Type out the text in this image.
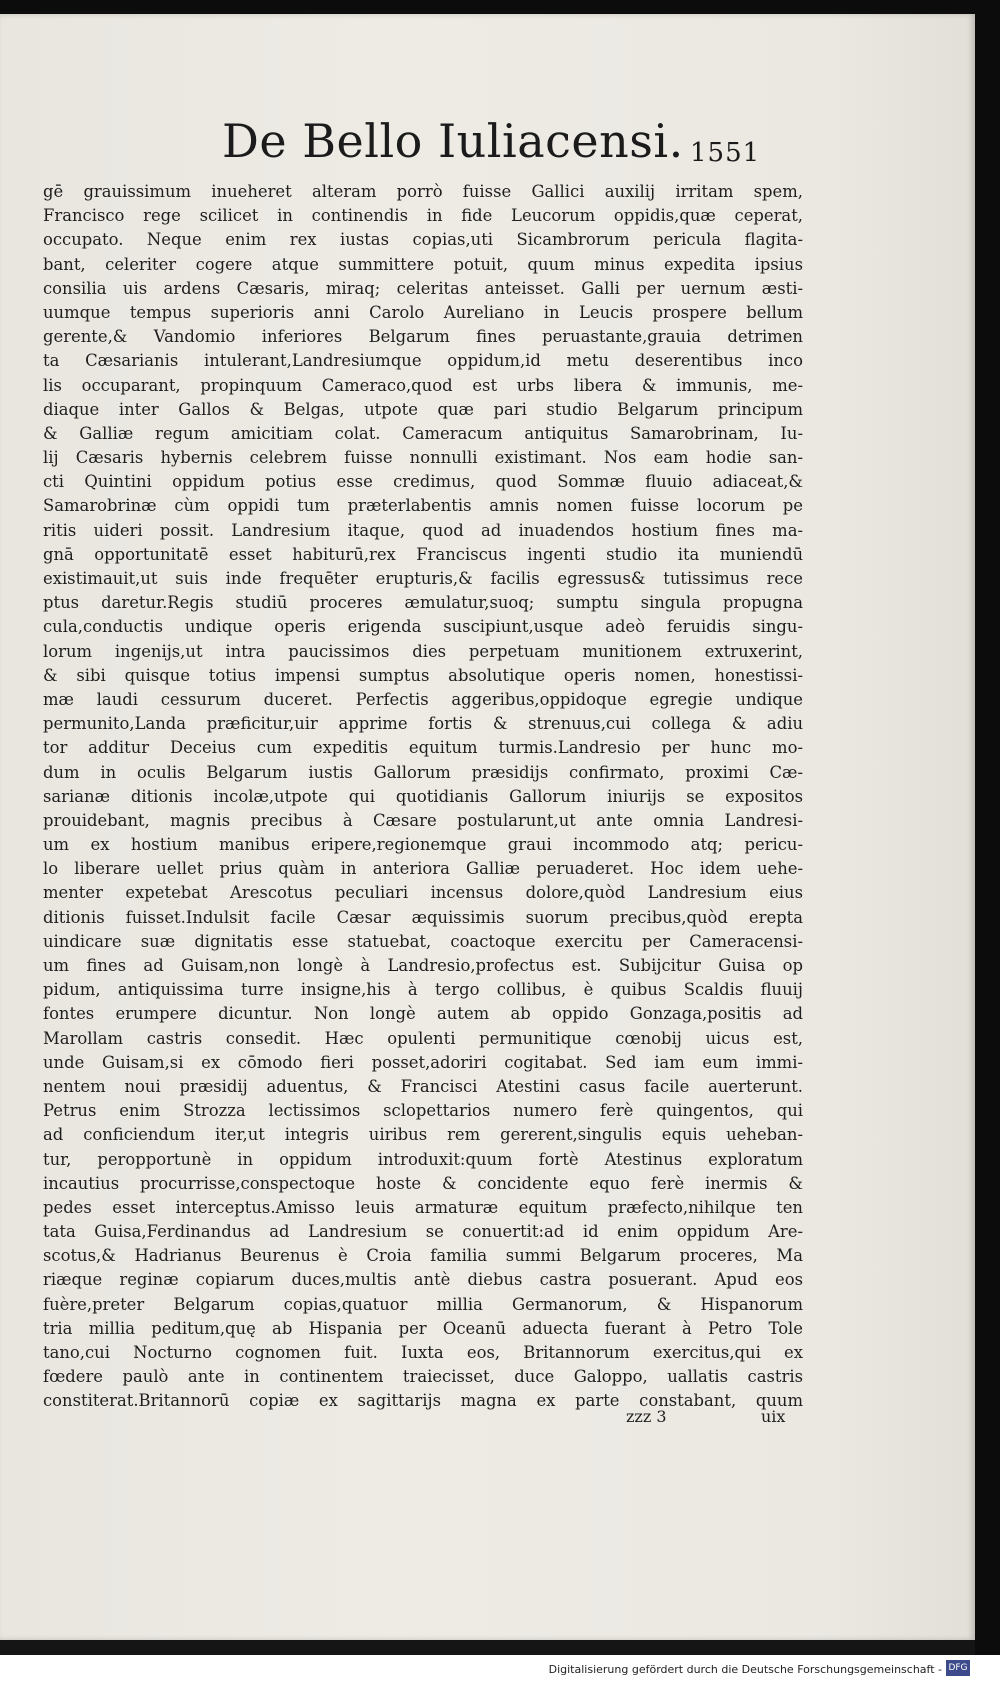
De Bello Iuliacensi. 1551
gē grauissimum inueheret alteram porrò fuisse Gallici auxilij irritam spem,
Francisco rege scilicet in continendis in fide Leucorum oppidis,quæ ceperat,
occupato. Neque enim rex iustas copias,uti Sicambrorum pericula flagita-
bant, celeriter cogere atque summittere potuit, quum minus expedita ipsius
consilia uis ardens Cæsaris, miraq; celeritas anteisset. Galli per uernum æsti-
uumque tempus superioris anni Carolo Aureliano in Leucis prospere bellum
gerente,& Vandomio inferiores Belgarum fines peruastante,grauia detrimen
ta Cæsarianis intulerant,Landresiumque oppidum,id metu deserentibus inco
lis occuparant, propinquum Cameraco,quod est urbs libera & immunis, me-
diaque inter Gallos & Belgas, utpote quæ pari studio Belgarum principum
& Galliæ regum amicitiam colat. Cameracum antiquitus Samarobrinam, Iu-
lij Cæsaris hybernis celebrem fuisse nonnulli existimant. Nos eam hodie san-
cti Quintini oppidum potius esse credimus, quod Sommæ fluuio adiaceat,&
Samarobrinæ cùm oppidi tum præterlabentis amnis nomen fuisse locorum pe
ritis uideri possit. Landresium itaque, quod ad inuadendos hostium fines ma-
gnā opportunitatē esset habiturū,rex Franciscus ingenti studio ita muniendū
existimauit,ut suis inde frequēter erupturis,& facilis egressus& tutissimus rece
ptus daretur.Regis studiū proceres æmulatur,suoq; sumptu singula propugna
cula,conductis undique operis erigenda suscipiunt,usque adeò feruidis singu-
lorum ingenijs,ut intra paucissimos dies perpetuam munitionem extruxerint,
& sibi quisque totius impensi sumptus absolutique operis nomen, honestissi-
mæ laudi cessurum duceret. Perfectis aggeribus,oppidoque egregie undique
permunito,Landa præficitur,uir apprime fortis & strenuus,cui collega & adiu
tor additur Deceius cum expeditis equitum turmis.Landresio per hunc mo-
dum in oculis Belgarum iustis Gallorum præsidijs confirmato, proximi Cæ-
sarianæ ditionis incolæ,utpote qui quotidianis Gallorum iniurijs se expositos
prouidebant, magnis precibus à Cæsare postularunt,ut ante omnia Landresi-
um ex hostium manibus eripere,regionemque graui incommodo atq; pericu-
lo liberare uellet prius quàm in anteriora Galliæ peruaderet. Hoc idem uehe-
menter expetebat Arescotus peculiari incensus dolore,quòd Landresium eius
ditionis fuisset.Indulsit facile Cæsar æquissimis suorum precibus,quòd erepta
uindicare suæ dignitatis esse statuebat, coactoque exercitu per Cameracensi-
um fines ad Guisam,non longè à Landresio,profectus est. Subijcitur Guisa op
pidum, antiquissima turre insigne,his à tergo collibus, è quibus Scaldis fluuij
fontes erumpere dicuntur. Non longè autem ab oppido Gonzaga,positis ad
Marollam castris consedit. Hæc opulenti permunitique cœnobij uicus est,
unde Guisam,si ex cōmodo fieri posset,adoriri cogitabat. Sed iam eum immi-
nentem noui præsidij aduentus, & Francisci Atestini casus facile auerterunt.
Petrus enim Strozza lectissimos sclopettarios numero ferè quingentos, qui
ad conficiendum iter,ut integris uiribus rem gererent,singulis equis ueheban-
tur, peropportunè in oppidum introduxit:quum fortè Atestinus exploratum
incautius procurrisse,conspectoque hoste & concidente equo ferè inermis &
pedes esset interceptus.Amisso leuis armaturæ equitum præfecto,nihilque ten
tata Guisa,Ferdinandus ad Landresium se conuertit:ad id enim oppidum Are-
scotus,& Hadrianus Beurenus è Croia familia summi Belgarum proceres, Ma
riæque reginæ copiarum duces,multis antè diebus castra posuerant. Apud eos
fuère,preter Belgarum copias,quatuor millia Germanorum, & Hispanorum
tria millia peditum,quę ab Hispania per Oceanū aduecta fuerant à Petro Tole
tano,cui Nocturno cognomen fuit. Iuxta eos, Britannorum exercitus,qui ex
fœdere paulò ante in continentem traiecisset, duce Galoppo, uallatis castris
constiterat.Britannorū copiæ ex sagittarijs magna ex parte constabant, quum
zzz 3	uix
Digitalisierung gefördert durch die Deutsche Forschungsgemeinschaft - DFG
